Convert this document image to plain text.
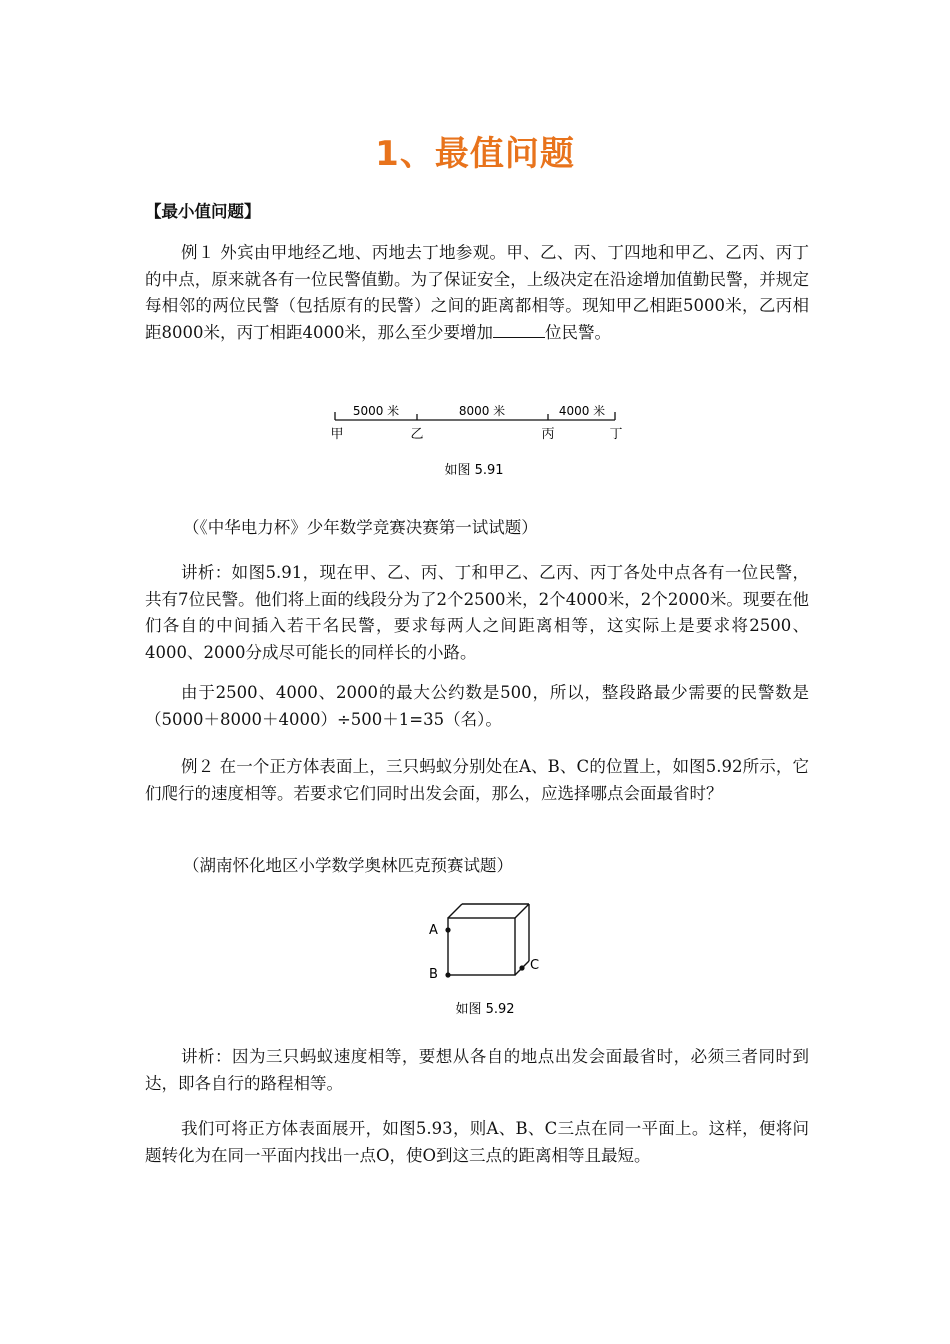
1、最值问题
【最小值问题】
例１ 外宾由甲地经乙地、丙地去丁地参观。甲、乙、丙、丁四地和甲乙、乙丙、丙丁的中点，原来就各有一位民警值勤。为了保证安全，上级决定在沿途增加值勤民警，并规定每相邻的两位民警（包括原有的民警）之间的距离都相等。现知甲乙相距5000米，乙丙相距8000米，丙丁相距4000米，那么至少要增加	位民警。
5000 米	8000 米	4000 米
甲	乙	丙	丁
如图 5.91
（《中华电力杯》少年数学竞赛决赛第一试试题）
讲析：如图5.91，现在甲、乙、丙、丁和甲乙、乙丙、丙丁各处中点各有一位民警，共有7位民警。他们将上面的线段分为了2个2500米，2个4000米，2个2000米。现要在他们各自的中间插入若干名民警，要求每两人之间距离相等，这实际上是要求将2500、4000、2000分成尽可能长的同样长的小路。
由于2500、4000、2000的最大公约数是500，所以，整段路最少需要的民警数是（5000＋8000＋4000）÷500＋1=35（名）。
例２ 在一个正方体表面上，三只蚂蚁分别处在A、B、C的位置上，如图5.92所示，它们爬行的速度相等。若要求它们同时出发会面，那么，应选择哪点会面最省时？
（湖南怀化地区小学数学奥林匹克预赛试题）
A
B
C
如图 5.92
讲析：因为三只蚂蚁速度相等，要想从各自的地点出发会面最省时，必须三者同时到达，即各自行的路程相等。
我们可将正方体表面展开，如图5.93，则A、B、C三点在同一平面上。这样，便将问题转化为在同一平面内找出一点O，使O到这三点的距离相等且最短。
